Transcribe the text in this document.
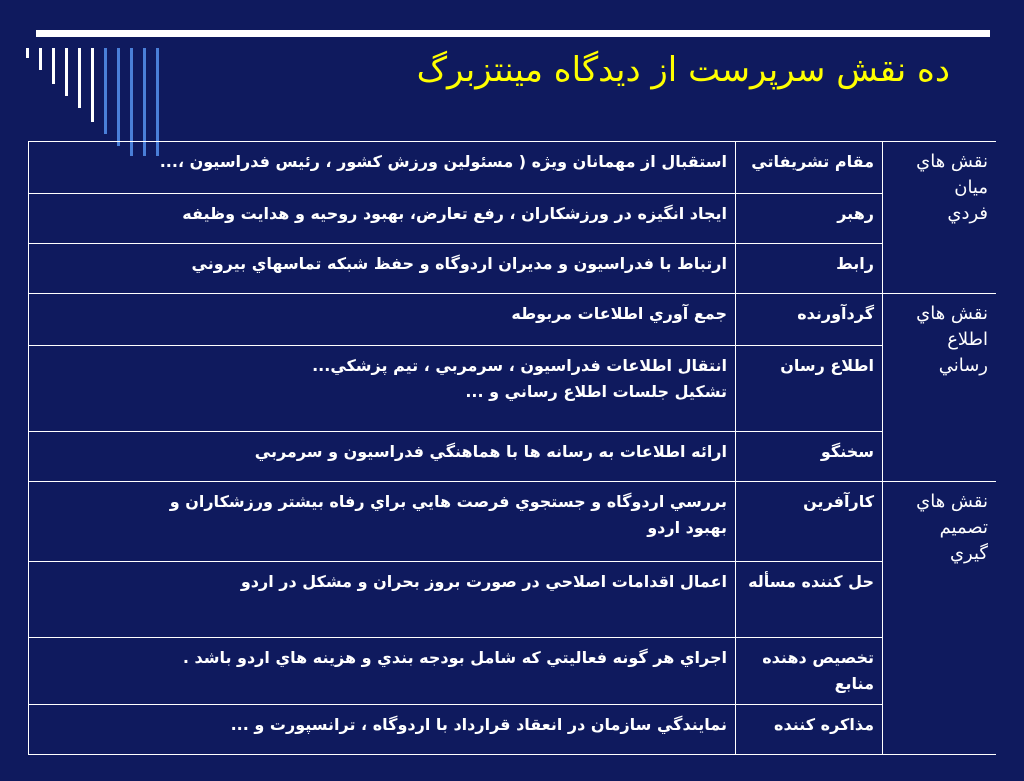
ده نقش سرپرست از ديدگاه مينتزبرگ
نقش هاي
ميان
فردي	مقام تشريفاتي	استقبال از مهمانان ويژه ( مسئولين ورزش كشور ، رئيس فدراسيون ،...

	رهبر	ايجاد انگيزه در ورزشكاران ، رفع تعارض، بهبود روحيه و هدايت وظيفه

	رابط	ارتباط با فدراسيون و مديران اردوگاه و حفظ شبكه تماسهاي بيروني

نقش هاي
اطلاع
رساني	گردآورنده	جمع آوري اطلاعات مربوطه

	اطلاع رسان	انتقال اطلاعات فدراسيون ، سرمربي ، تيم پزشكي...
تشكيل جلسات اطلاع رساني و ...

	سخنگو	ارائه اطلاعات به رسانه ها با هماهنگي فدراسيون و سرمربي

نقش هاي
تصميم
گيري	كارآفرين	بررسي اردوگاه و جستجوي فرصت هايي براي رفاه بيشتر ورزشكاران و
بهبود اردو

	حل كننده مسأله	اعمال اقدامات اصلاحي در صورت بروز بحران و مشكل در اردو

	تخصيص دهنده منابع	اجراي هر گونه فعاليتي كه شامل بودجه بندي و هزينه هاي اردو باشد .

	مذاكره كننده	نمايندگي سازمان در انعقاد قرارداد با اردوگاه ، ترانسپورت و ...
